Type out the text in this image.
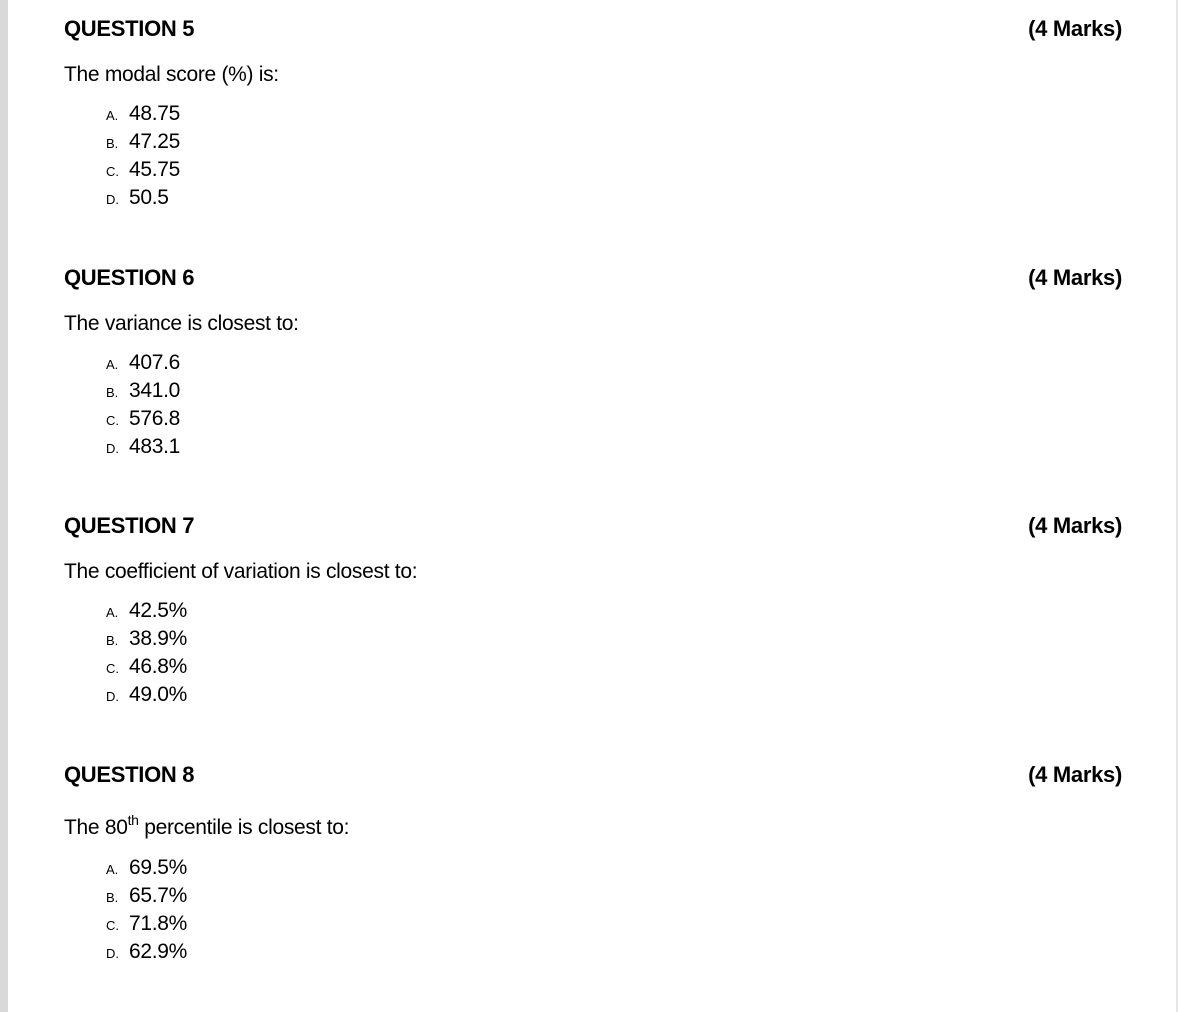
QUESTION 5	(4 Marks)
The modal score (%) is:
A. 48.75
B. 47.25
C. 45.75
D. 50.5
QUESTION 6	(4 Marks)
The variance is closest to:
A. 407.6
B. 341.0
C. 576.8
D. 483.1
QUESTION 7	(4 Marks)
The coefficient of variation is closest to:
A. 42.5%
B. 38.9%
C. 46.8%
D. 49.0%
QUESTION 8	(4 Marks)
The 80th percentile is closest to:
A. 69.5%
B. 65.7%
C. 71.8%
D. 62.9%
